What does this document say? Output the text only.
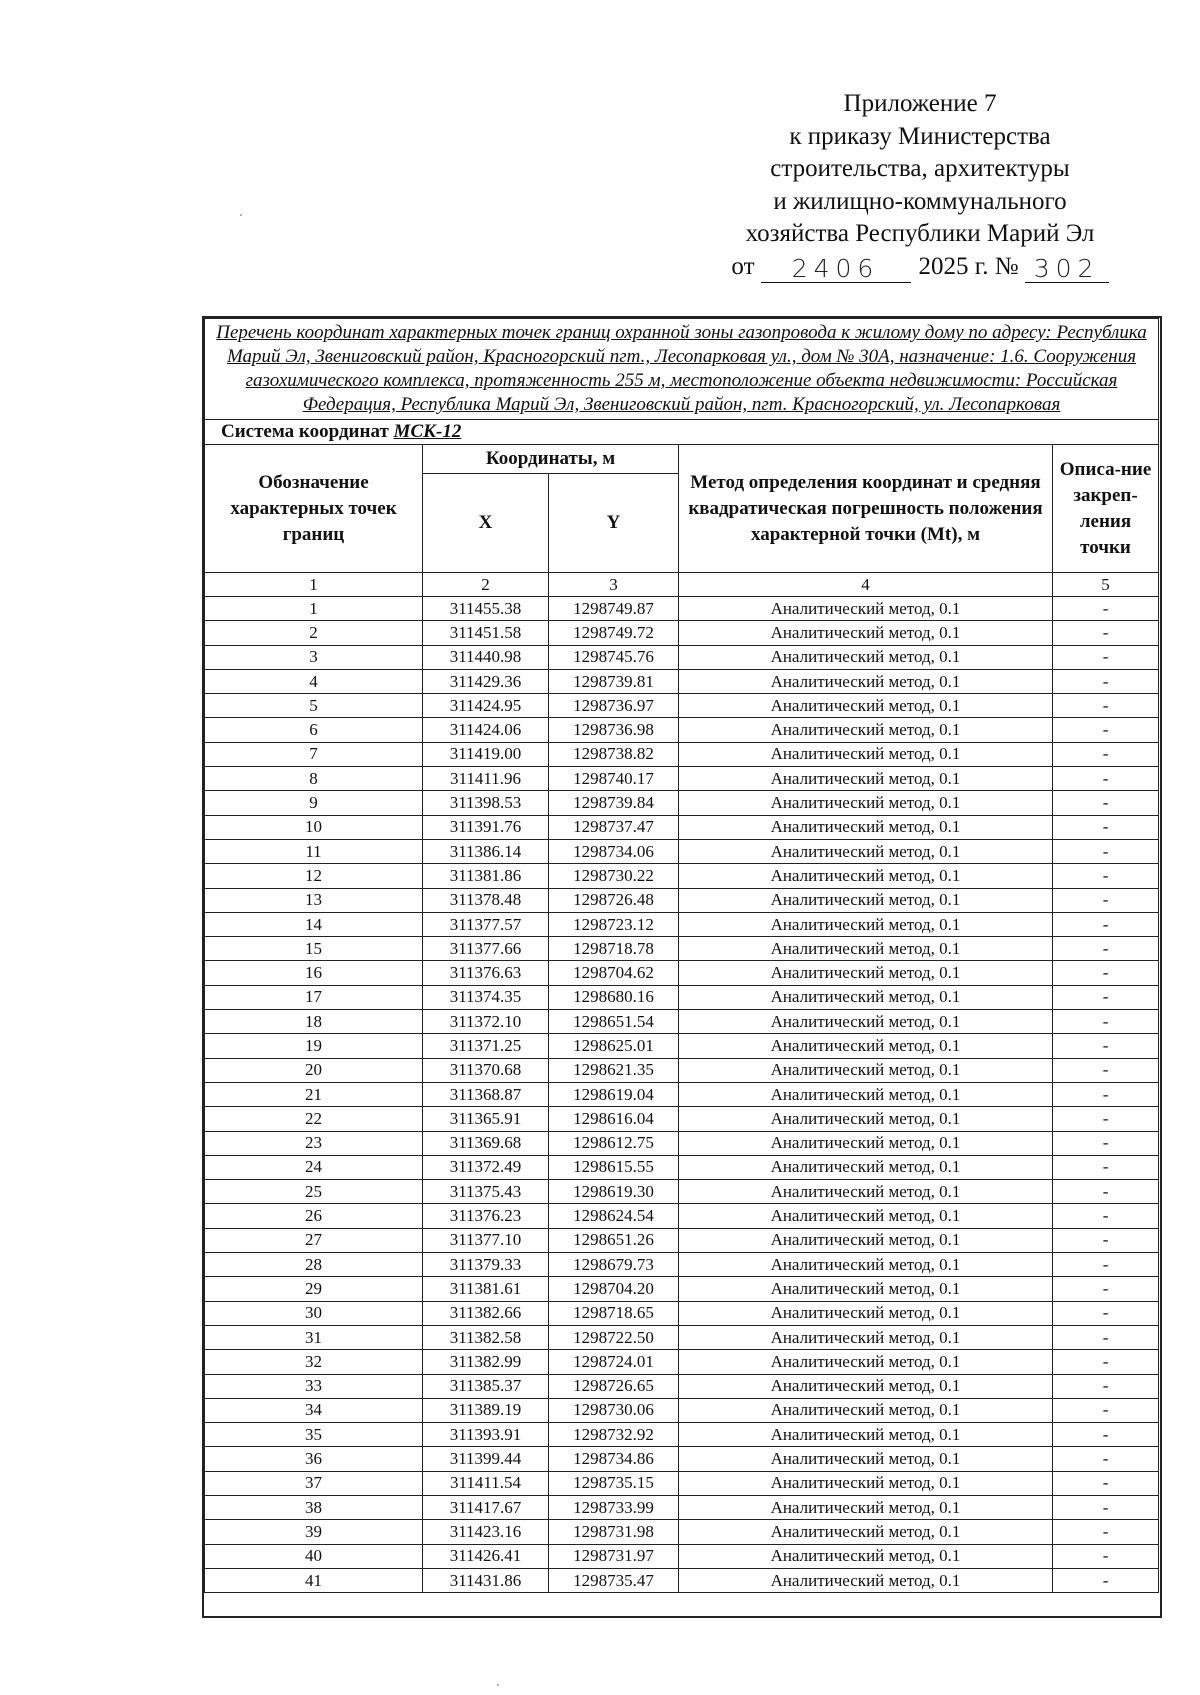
Приложение 7
к приказу Министерства
строительства, архитектуры
и жилищно-коммунального
хозяйства Республики Марий Эл
от	2406	2025 г. № 302
Перечень координат характерных точек границ охранной зоны газопровода к жилому дому по адресу: Республика Марий Эл, Звениговский район, Красногорский пгт., Лесопарковая ул., дом № 30А, назначение: 1.6. Сооружения газохимического комплекса, протяженность 255 м, местоположение объекта недвижимости: Российская Федерация, Республика Марий Эл, Звениговский район, пгт. Красногорский, ул. Лесопарковая				
Система координат МСК-12				
Обозначение характерных точек границ	Координаты, м		Метод определения координат и средняя квадратическая погрешность положения характерной точки (Mt), м	Описа-ние закреп-ления точки
	X	Y		
1	2	3	4	5
1	311455.38	1298749.87	Аналитический метод, 0.1	-
2	311451.58	1298749.72	Аналитический метод, 0.1	-
3	311440.98	1298745.76	Аналитический метод, 0.1	-
4	311429.36	1298739.81	Аналитический метод, 0.1	-
5	311424.95	1298736.97	Аналитический метод, 0.1	-
6	311424.06	1298736.98	Аналитический метод, 0.1	-
7	311419.00	1298738.82	Аналитический метод, 0.1	-
8	311411.96	1298740.17	Аналитический метод, 0.1	-
9	311398.53	1298739.84	Аналитический метод, 0.1	-
10	311391.76	1298737.47	Аналитический метод, 0.1	-
11	311386.14	1298734.06	Аналитический метод, 0.1	-
12	311381.86	1298730.22	Аналитический метод, 0.1	-
13	311378.48	1298726.48	Аналитический метод, 0.1	-
14	311377.57	1298723.12	Аналитический метод, 0.1	-
15	311377.66	1298718.78	Аналитический метод, 0.1	-
16	311376.63	1298704.62	Аналитический метод, 0.1	-
17	311374.35	1298680.16	Аналитический метод, 0.1	-
18	311372.10	1298651.54	Аналитический метод, 0.1	-
19	311371.25	1298625.01	Аналитический метод, 0.1	-
20	311370.68	1298621.35	Аналитический метод, 0.1	-
21	311368.87	1298619.04	Аналитический метод, 0.1	-
22	311365.91	1298616.04	Аналитический метод, 0.1	-
23	311369.68	1298612.75	Аналитический метод, 0.1	-
24	311372.49	1298615.55	Аналитический метод, 0.1	-
25	311375.43	1298619.30	Аналитический метод, 0.1	-
26	311376.23	1298624.54	Аналитический метод, 0.1	-
27	311377.10	1298651.26	Аналитический метод, 0.1	-
28	311379.33	1298679.73	Аналитический метод, 0.1	-
29	311381.61	1298704.20	Аналитический метод, 0.1	-
30	311382.66	1298718.65	Аналитический метод, 0.1	-
31	311382.58	1298722.50	Аналитический метод, 0.1	-
32	311382.99	1298724.01	Аналитический метод, 0.1	-
33	311385.37	1298726.65	Аналитический метод, 0.1	-
34	311389.19	1298730.06	Аналитический метод, 0.1	-
35	311393.91	1298732.92	Аналитический метод, 0.1	-
36	311399.44	1298734.86	Аналитический метод, 0.1	-
37	311411.54	1298735.15	Аналитический метод, 0.1	-
38	311417.67	1298733.99	Аналитический метод, 0.1	-
39	311423.16	1298731.98	Аналитический метод, 0.1	-
40	311426.41	1298731.97	Аналитический метод, 0.1	-
41	311431.86	1298735.47	Аналитический метод, 0.1	-
